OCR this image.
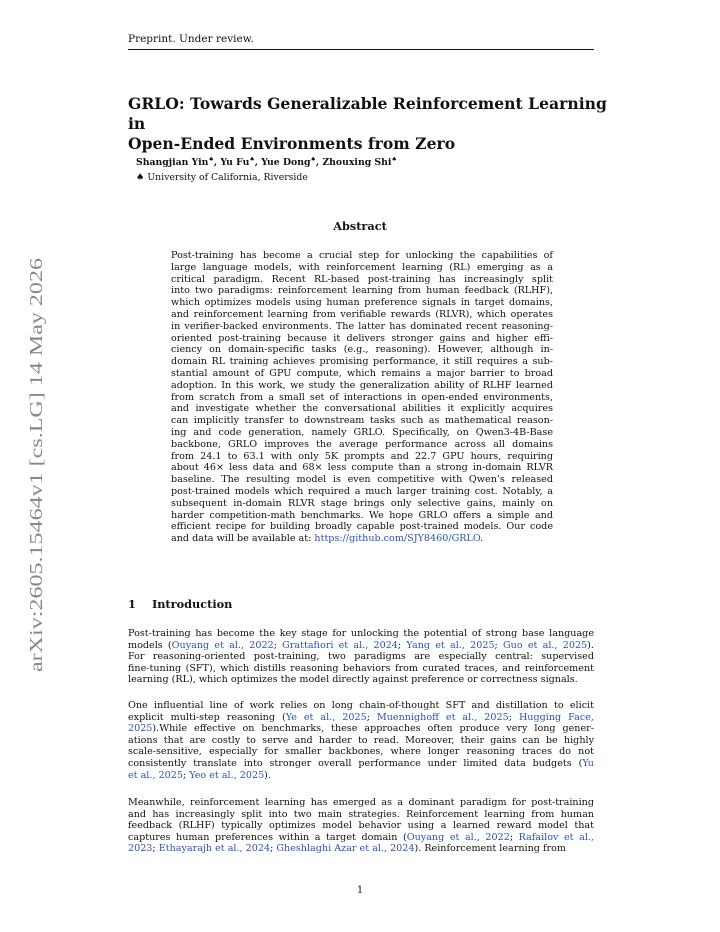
Preprint. Under review.
arXiv:2605.15464v1 [cs.LG] 14 May 2026
GRLO: Towards Generalizable Reinforcement Learning in
Open-Ended Environments from Zero
Shangjian Yin♠, Yu Fu♠, Yue Dong♠, Zhouxing Shi♠
♠ University of California, Riverside
Abstract
Post-training has become a crucial step for unlocking the capabilities of
large language models, with reinforcement learning (RL) emerging as a
critical paradigm. Recent RL-based post-training has increasingly split
into two paradigms: reinforcement learning from human feedback (RLHF),
which optimizes models using human preference signals in target domains,
and reinforcement learning from verifiable rewards (RLVR), which operates
in verifier-backed environments. The latter has dominated recent reasoning-
oriented post-training because it delivers stronger gains and higher effi-
ciency on domain-specific tasks (e.g., reasoning). However, although in-
domain RL training achieves promising performance, it still requires a sub-
stantial amount of GPU compute, which remains a major barrier to broad
adoption. In this work, we study the generalization ability of RLHF learned
from scratch from a small set of interactions in open-ended environments,
and investigate whether the conversational abilities it explicitly acquires
can implicitly transfer to downstream tasks such as mathematical reason-
ing and code generation, namely GRLO. Specifically, on Qwen3-4B-Base
backbone, GRLO improves the average performance across all domains
from 24.1 to 63.1 with only 5K prompts and 22.7 GPU hours, requiring
about 46× less data and 68× less compute than a strong in-domain RLVR
baseline. The resulting model is even competitive with Qwen’s released
post-trained models which required a much larger training cost. Notably, a
subsequent in-domain RLVR stage brings only selective gains, mainly on
harder competition-math benchmarks. We hope GRLO offers a simple and
efficient recipe for building broadly capable post-trained models. Our code
and data will be available at: https://github.com/SJY8460/GRLO.
1 Introduction
Post-training has become the key stage for unlocking the potential of strong base language
models (Ouyang et al., 2022; Grattafiori et al., 2024; Yang et al., 2025; Guo et al., 2025).
For reasoning-oriented post-training, two paradigms are especially central: supervised
fine-tuning (SFT), which distills reasoning behaviors from curated traces, and reinforcement
learning (RL), which optimizes the model directly against preference or correctness signals.
One influential line of work relies on long chain-of-thought SFT and distillation to elicit
explicit multi-step reasoning (Ye et al., 2025; Muennighoff et al., 2025; Hugging Face,
2025).While effective on benchmarks, these approaches often produce very long gener-
ations that are costly to serve and harder to read. Moreover, their gains can be highly
scale-sensitive, especially for smaller backbones, where longer reasoning traces do not
consistently translate into stronger overall performance under limited data budgets (Yu
et al., 2025; Yeo et al., 2025).
Meanwhile, reinforcement learning has emerged as a dominant paradigm for post-training
and has increasingly split into two main strategies. Reinforcement learning from human
feedback (RLHF) typically optimizes model behavior using a learned reward model that
captures human preferences within a target domain (Ouyang et al., 2022; Rafailov et al.,
2023; Ethayarajh et al., 2024; Gheshlaghi Azar et al., 2024). Reinforcement learning from
1
